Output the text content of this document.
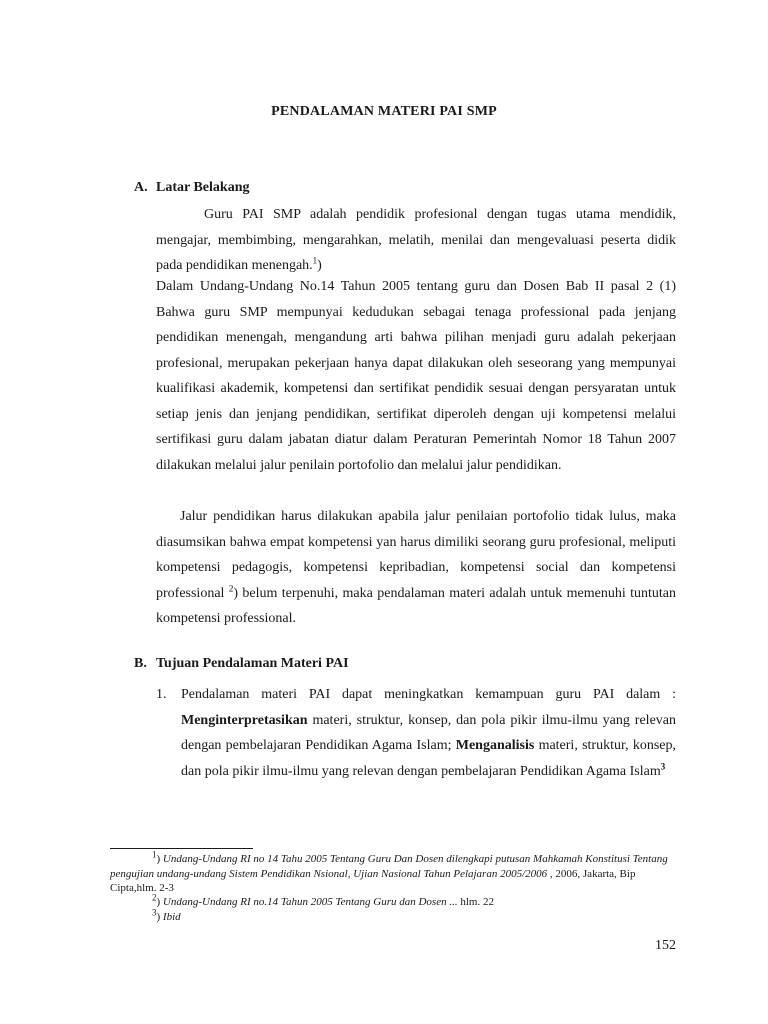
PENDALAMAN MATERI PAI SMP
A. Latar Belakang

Guru PAI SMP adalah pendidik profesional dengan tugas utama mendidik, mengajar, membimbing, mengarahkan, melatih, menilai dan mengevaluasi peserta didik pada pendidikan menengah.$^1$)

Dalam Undang-Undang No.14 Tahun 2005 tentang guru dan Dosen Bab II pasal 2 (1) Bahwa guru SMP mempunyai kedudukan sebagai tenaga professional pada jenjang pendidikan menengah, mengandung arti bahwa pilihan menjadi guru adalah pekerjaan profesional, merupakan pekerjaan hanya dapat dilakukan oleh seseorang yang mempunyai kualifikasi akademik, kompetensi dan sertifikat pendidik sesuai dengan persyaratan untuk setiap jenis dan jenjang pendidikan, sertifikat diperoleh dengan uji kompetensi melalui sertifikasi guru dalam jabatan diatur dalam Peraturan Pemerintah Nomor 18 Tahun 2007 dilakukan melalui jalur penilain portofolio dan melalui jalur pendidikan.

Jalur pendidikan harus dilakukan apabila jalur penilaian portofolio tidak lulus, maka diasumsikan bahwa empat kompetensi yan harus dimiliki seorang guru profesional, meliputi kompetensi pedagogis, kompetensi kepribadian, kompetensi social dan kompetensi professional $^2$) belum terpenuhi, maka pendalaman materi adalah untuk memenuhi tuntutan kompetensi professional.

B. Tujuan Pendalaman Materi PAI
1. Pendalaman materi PAI dapat meningkatkan kemampuan guru PAI dalam : Menginterpretasikan materi, struktur, konsep, dan pola pikir ilmu-ilmu yang relevan dengan pembelajaran Pendidikan Agama Islam; Menganalisis materi, struktur, konsep, dan pola pikir ilmu-ilmu yang relevan dengan pembelajaran Pendidikan Agama Islam$^3$

$^1$) Undang-Undang RI no 14 Tahu 2005 Tentang Guru Dan Dosen dilengkapi putusan Mahkamah Konstitusi Tentang pengujian undang-undang Sistem Pendidikan Nsional, Ujian Nasional Tahun Pelajaran 2005/2006 , 2006, Jakarta, Bip Cipta,hlm. 2-3

$^2$) Undang-Undang RI no.14 Tahun 2005 Tentang Guru dan Dosen ... hlm. 22

$^3$) Ibid

152
